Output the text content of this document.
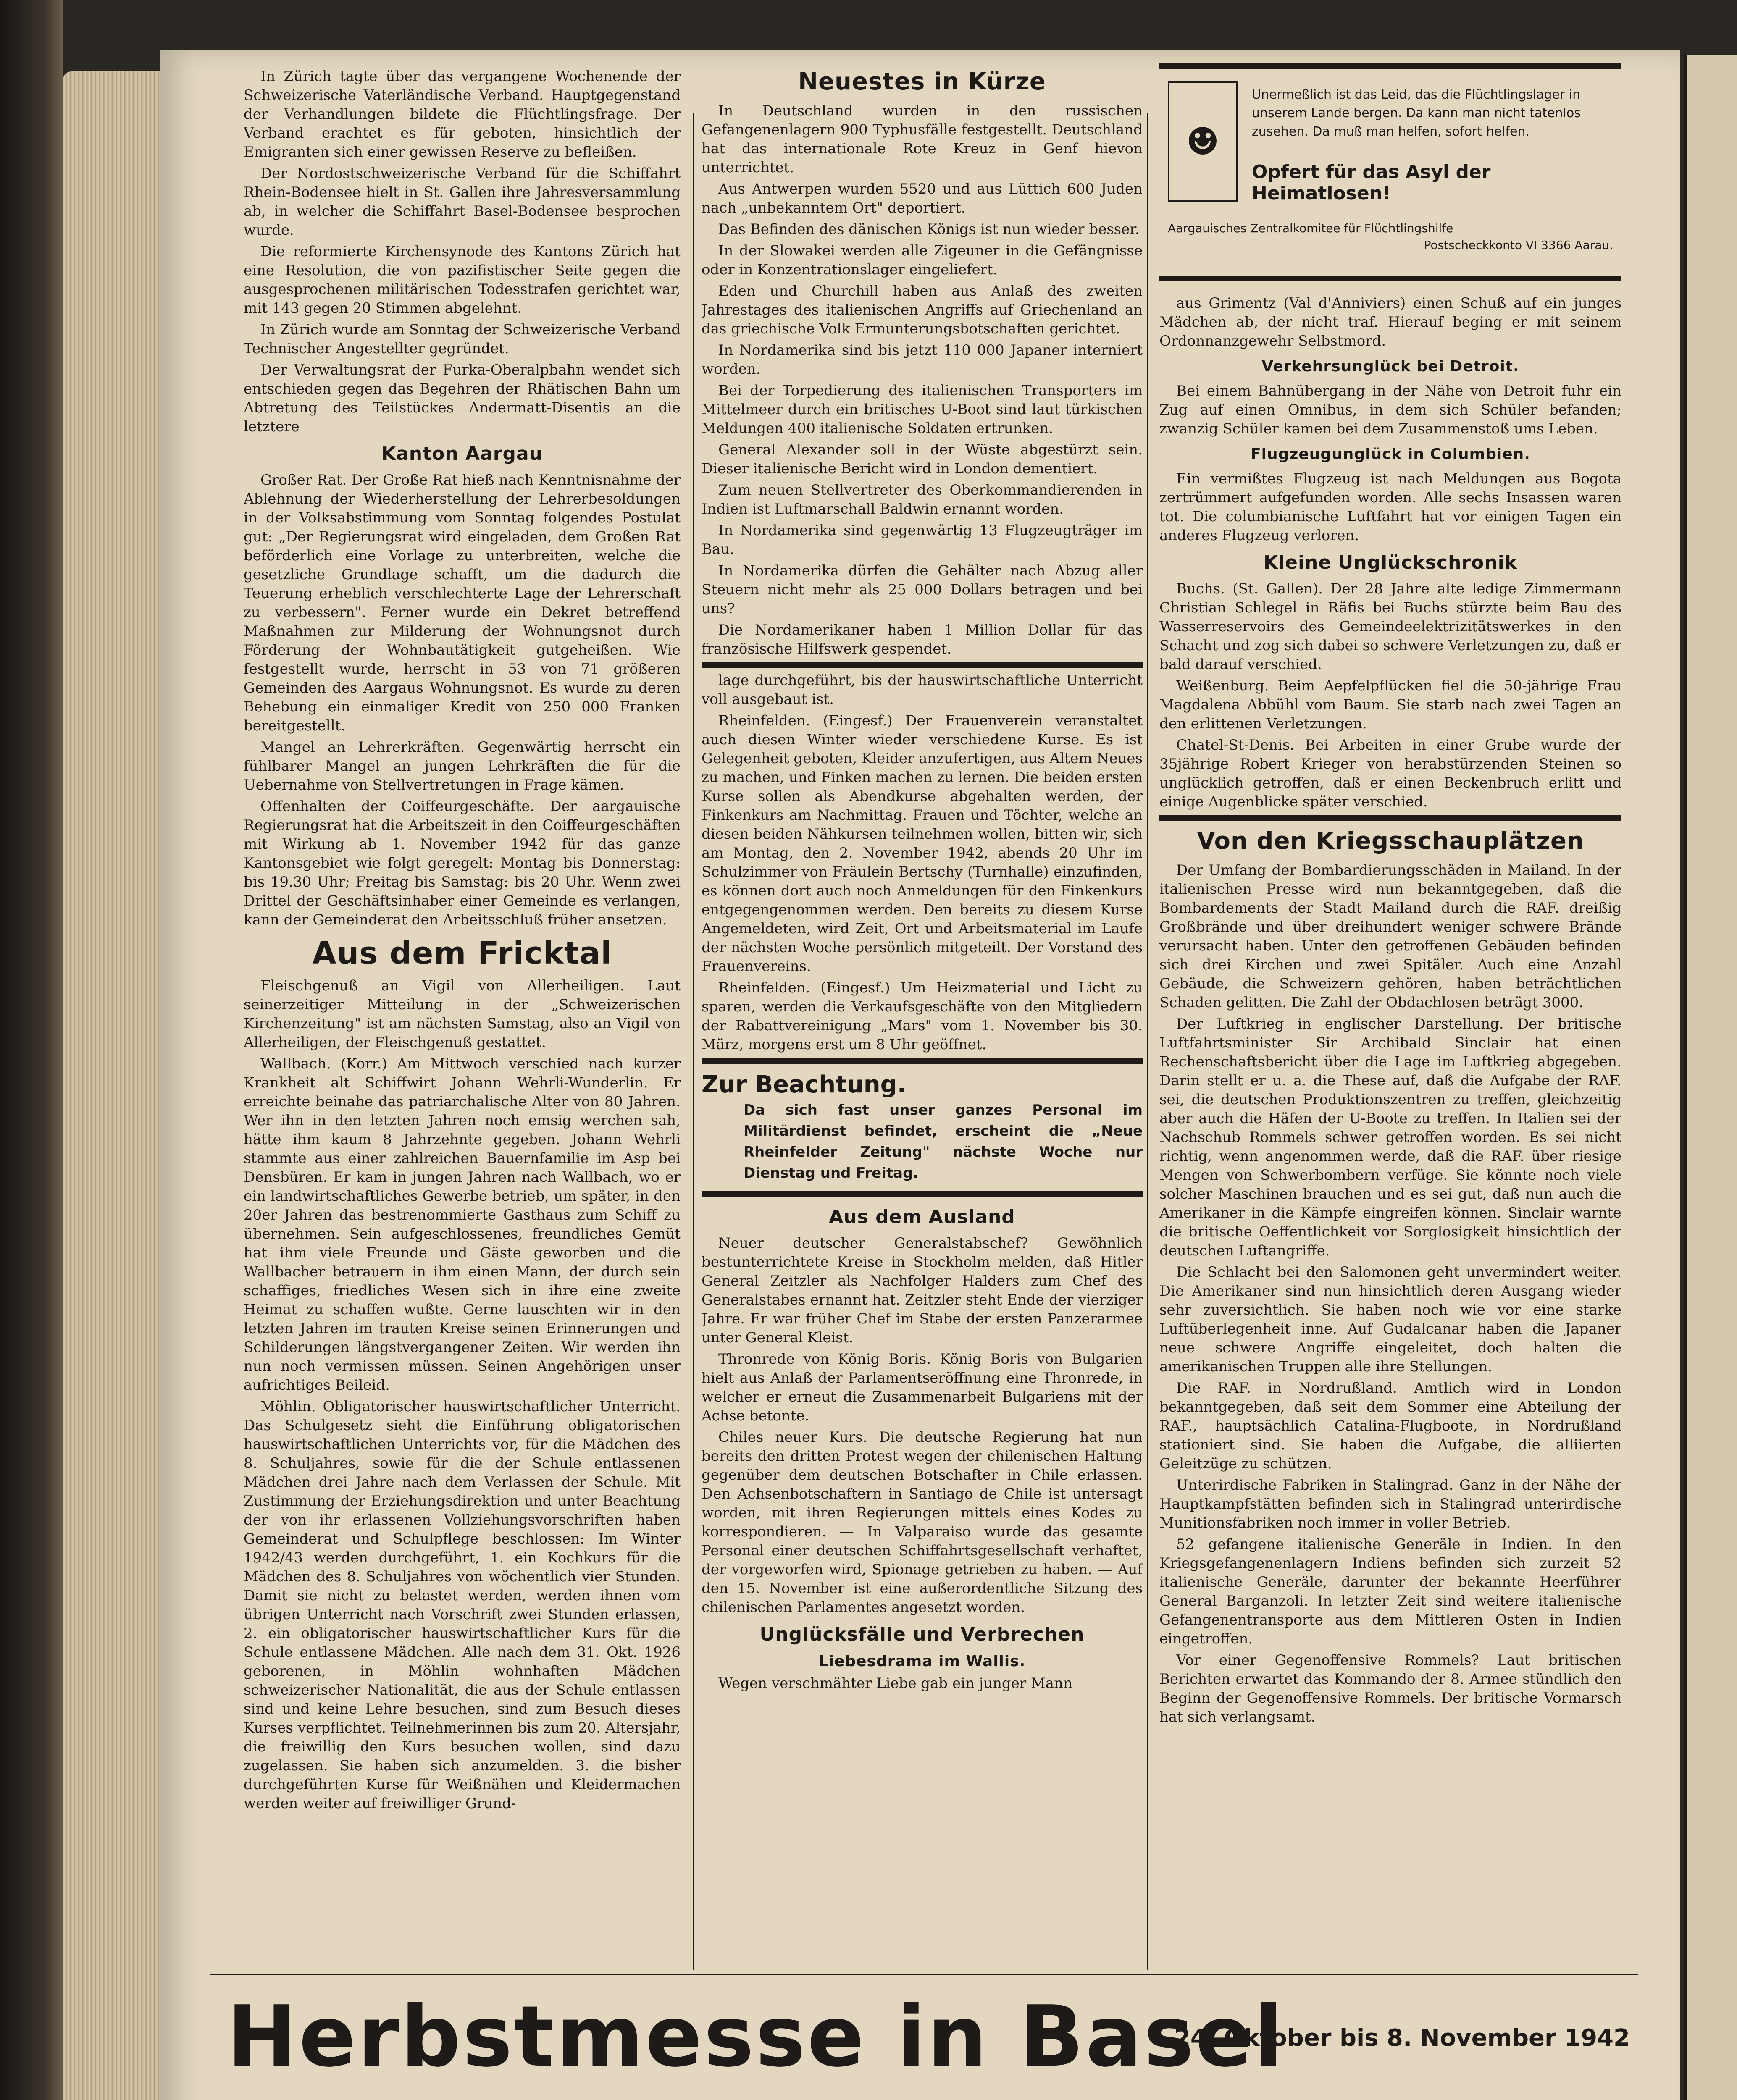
In Zürich tagte über das vergangene Wochenende der Schweizerische Vaterländische Verband. Hauptgegenstand der Verhandlungen bildete die Flüchtlingsfrage. Der Verband erachtet es für geboten, hinsichtlich der Emigranten sich einer gewissen Reserve zu befleißen.

Der Nordostschweizerische Verband für die Schiffahrt Rhein-Bodensee hielt in St. Gallen ihre Jahresversammlung ab, in welcher die Schiffahrt Basel-Bodensee besprochen wurde.

Die reformierte Kirchensynode des Kantons Zürich hat eine Resolution, die von pazifistischer Seite gegen die ausgesprochenen militärischen Todesstrafen gerichtet war, mit 143 gegen 20 Stimmen abgelehnt.

In Zürich wurde am Sonntag der Schweizerische Verband Technischer Angestellter gegründet.

Der Verwaltungsrat der Furka-Oberalpbahn wendet sich entschieden gegen das Begehren der Rhätischen Bahn um Abtretung des Teilstückes Andermatt-Disentis an die letztere

Kanton Aargau

Großer Rat. Der Große Rat hieß nach Kenntnisnahme der Ablehnung der Wiederherstellung der Lehrerbesoldungen in der Volksabstimmung vom Sonntag folgendes Postulat gut: „Der Regierungsrat wird eingeladen, dem Großen Rat beförderlich eine Vorlage zu unterbreiten, welche die gesetzliche Grundlage schafft, um die dadurch die Teuerung erheblich verschlechterte Lage der Lehrerschaft zu verbessern". Ferner wurde ein Dekret betreffend Maßnahmen zur Milderung der Wohnungsnot durch Förderung der Wohnbautätigkeit gutgeheißen. Wie festgestellt wurde, herrscht in 53 von 71 größeren Gemeinden des Aargaus Wohnungsnot. Es wurde zu deren Behebung ein einmaliger Kredit von 250 000 Franken bereitgestellt.

Mangel an Lehrerkräften. Gegenwärtig herrscht ein fühlbarer Mangel an jungen Lehrkräften die für die Uebernahme von Stellvertretungen in Frage kämen.

Offenhalten der Coiffeurgeschäfte. Der aargauische Regierungsrat hat die Arbeitszeit in den Coiffeurgeschäften mit Wirkung ab 1. November 1942 für das ganze Kantonsgebiet wie folgt geregelt: Montag bis Donnerstag: bis 19.30 Uhr; Freitag bis Samstag: bis 20 Uhr. Wenn zwei Drittel der Geschäftsinhaber einer Gemeinde es verlangen, kann der Gemeinderat den Arbeitsschluß früher ansetzen.

Aus dem Fricktal

Fleischgenuß an Vigil von Allerheiligen. Laut seinerzeitiger Mitteilung in der „Schweizerischen Kirchenzeitung" ist am nächsten Samstag, also an Vigil von Allerheiligen, der Fleischgenuß gestattet.

Wallbach. (Korr.) Am Mittwoch verschied nach kurzer Krankheit alt Schiffwirt Johann Wehrli-Wunderlin. Er erreichte beinahe das patriarchalische Alter von 80 Jahren. Wer ihn in den letzten Jahren noch emsig werchen sah, hätte ihm kaum 8 Jahrzehnte gegeben. Johann Wehrli stammte aus einer zahlreichen Bauernfamilie im Asp bei Densbüren. Er kam in jungen Jahren nach Wallbach, wo er ein landwirtschaftliches Gewerbe betrieb, um später, in den 20er Jahren das bestrenommierte Gasthaus zum Schiff zu übernehmen. Sein aufgeschlossenes, freundliches Gemüt hat ihm viele Freunde und Gäste geworben und die Wallbacher betrauern in ihm einen Mann, der durch sein schaffiges, friedliches Wesen sich in ihre eine zweite Heimat zu schaffen wußte. Gerne lauschten wir in den letzten Jahren im trauten Kreise seinen Erinnerungen und Schilderungen längstvergangener Zeiten. Wir werden ihn nun noch vermissen müssen. Seinen Angehörigen unser aufrichtiges Beileid.

Möhlin. Obligatorischer hauswirtschaftlicher Unterricht. Das Schulgesetz sieht die Einführung obligatorischen hauswirtschaftlichen Unterrichts vor, für die Mädchen des 8. Schuljahres, sowie für die der Schule entlassenen Mädchen drei Jahre nach dem Verlassen der Schule. Mit Zustimmung der Erziehungsdirektion und unter Beachtung der von ihr erlassenen Vollziehungsvorschriften haben Gemeinderat und Schulpflege beschlossen: Im Winter 1942/43 werden durchgeführt, 1. ein Kochkurs für die Mädchen des 8. Schuljahres von wöchentlich vier Stunden. Damit sie nicht zu belastet werden, werden ihnen vom übrigen Unterricht nach Vorschrift zwei Stunden erlassen, 2. ein obligatorischer hauswirtschaftlicher Kurs für die Schule entlassene Mädchen. Alle nach dem 31. Okt. 1926 geborenen, in Möhlin wohnhaften Mädchen schweizerischer Nationalität, die aus der Schule entlassen sind und keine Lehre besuchen, sind zum Besuch dieses Kurses verpflichtet. Teilnehmerinnen bis zum 20. Altersjahr, die freiwillig den Kurs besuchen wollen, sind dazu zugelassen. Sie haben sich anzumelden. 3. die bisher durchgeführten Kurse für Weißnähen und Kleidermachen werden weiter auf freiwilliger Grund-

Neuestes in Kürze

In Deutschland wurden in den russischen Gefangenenlagern 900 Typhusfälle festgestellt. Deutschland hat das internationale Rote Kreuz in Genf hievon unterrichtet.

Aus Antwerpen wurden 5520 und aus Lüttich 600 Juden nach „unbekanntem Ort" deportiert.

Das Befinden des dänischen Königs ist nun wieder besser.

In der Slowakei werden alle Zigeuner in die Gefängnisse oder in Konzentrationslager eingeliefert.

Eden und Churchill haben aus Anlaß des zweiten Jahrestages des italienischen Angriffs auf Griechenland an das griechische Volk Ermunterungsbotschaften gerichtet.

In Nordamerika sind bis jetzt 110 000 Japaner interniert worden.

Bei der Torpedierung des italienischen Transporters im Mittelmeer durch ein britisches U-Boot sind laut türkischen Meldungen 400 italienische Soldaten ertrunken.

General Alexander soll in der Wüste abgestürzt sein. Dieser italienische Bericht wird in London dementiert.

Zum neuen Stellvertreter des Oberkommandierenden in Indien ist Luftmarschall Baldwin ernannt worden.

In Nordamerika sind gegenwärtig 13 Flugzeugträger im Bau.

In Nordamerika dürfen die Gehälter nach Abzug aller Steuern nicht mehr als 25 000 Dollars betragen und bei uns?

Die Nordamerikaner haben 1 Million Dollar für das französische Hilfswerk gespendet.

lage durchgeführt, bis der hauswirtschaftliche Unterricht voll ausgebaut ist.

Rheinfelden. (Eingesf.) Der Frauenverein veranstaltet auch diesen Winter wieder verschiedene Kurse. Es ist Gelegenheit geboten, Kleider anzufertigen, aus Altem Neues zu machen, und Finken machen zu lernen. Die beiden ersten Kurse sollen als Abendkurse abgehalten werden, der Finkenkurs am Nachmittag. Frauen und Töchter, welche an diesen beiden Nähkursen teilnehmen wollen, bitten wir, sich am Montag, den 2. November 1942, abends 20 Uhr im Schulzimmer von Fräulein Bertschy (Turnhalle) einzufinden, es können dort auch noch Anmeldungen für den Finkenkurs entgegengenommen werden. Den bereits zu diesem Kurse Angemeldeten, wird Zeit, Ort und Arbeitsmaterial im Laufe der nächsten Woche persönlich mitgeteilt. Der Vorstand des Frauenvereins.

Rheinfelden. (Eingesf.) Um Heizmaterial und Licht zu sparen, werden die Verkaufsgeschäfte von den Mitgliedern der Rabattvereinigung „Mars" vom 1. November bis 30. März, morgens erst um 8 Uhr geöffnet.

Zur Beachtung.
Da sich fast unser ganzes Personal im Militärdienst befindet, erscheint die „Neue Rheinfelder Zeitung" nächste Woche nur Dienstag und Freitag.
Aus dem Ausland

Neuer deutscher Generalstabschef? Gewöhnlich bestunterrichtete Kreise in Stockholm melden, daß Hitler General Zeitzler als Nachfolger Halders zum Chef des Generalstabes ernannt hat. Zeitzler steht Ende der vierziger Jahre. Er war früher Chef im Stabe der ersten Panzerarmee unter General Kleist.

Thronrede von König Boris. König Boris von Bulgarien hielt aus Anlaß der Parlamentseröffnung eine Thronrede, in welcher er erneut die Zusammenarbeit Bulgariens mit der Achse betonte.

Chiles neuer Kurs. Die deutsche Regierung hat nun bereits den dritten Protest wegen der chilenischen Haltung gegenüber dem deutschen Botschafter in Chile erlassen. Den Achsenbotschaftern in Santiago de Chile ist untersagt worden, mit ihren Regierungen mittels eines Kodes zu korrespondieren. — In Valparaiso wurde das gesamte Personal einer deutschen Schiffahrtsgesellschaft verhaftet, der vorgeworfen wird, Spionage getrieben zu haben. — Auf den 15. November ist eine außerordentliche Sitzung des chilenischen Parlamentes angesetzt worden.

Unglücksfälle und Verbrechen
Liebesdrama im Wallis.

Wegen verschmähter Liebe gab ein junger Mann

☻
Unermeßlich ist das Leid, das die Flüchtlingslager in unserem Lande bergen. Da kann man nicht tatenlos zusehen. Da muß man helfen, sofort helfen.
Opfert für das Asyl der Heimatlosen!
Aargauisches Zentralkomitee für Flüchtlingshilfe
Postscheckkonto VI 3366 Aarau.

aus Grimentz (Val d'Anniviers) einen Schuß auf ein junges Mädchen ab, der nicht traf. Hierauf beging er mit seinem Ordonnanzgewehr Selbstmord.

Verkehrsunglück bei Detroit.

Bei einem Bahnübergang in der Nähe von Detroit fuhr ein Zug auf einen Omnibus, in dem sich Schüler befanden; zwanzig Schüler kamen bei dem Zusammenstoß ums Leben.

Flugzeugunglück in Columbien.

Ein vermißtes Flugzeug ist nach Meldungen aus Bogota zertrümmert aufgefunden worden. Alle sechs Insassen waren tot. Die columbianische Luftfahrt hat vor einigen Tagen ein anderes Flugzeug verloren.

Kleine Unglückschronik

Buchs. (St. Gallen). Der 28 Jahre alte ledige Zimmermann Christian Schlegel in Räfis bei Buchs stürzte beim Bau des Wasserreservoirs des Gemeindeelektrizitätswerkes in den Schacht und zog sich dabei so schwere Verletzungen zu, daß er bald darauf verschied.

Weißenburg. Beim Aepfelpflücken fiel die 50-jährige Frau Magdalena Abbühl vom Baum. Sie starb nach zwei Tagen an den erlittenen Verletzungen.

Chatel-St-Denis. Bei Arbeiten in einer Grube wurde der 35jährige Robert Krieger von herabstürzenden Steinen so unglücklich getroffen, daß er einen Beckenbruch erlitt und einige Augenblicke später verschied.

Von den Kriegsschauplätzen

Der Umfang der Bombardierungsschäden in Mailand. In der italienischen Presse wird nun bekanntgegeben, daß die Bombardements der Stadt Mailand durch die RAF. dreißig Großbrände und über dreihundert weniger schwere Brände verursacht haben. Unter den getroffenen Gebäuden befinden sich drei Kirchen und zwei Spitäler. Auch eine Anzahl Gebäude, die Schweizern gehören, haben beträchtlichen Schaden gelitten. Die Zahl der Obdachlosen beträgt 3000.

Der Luftkrieg in englischer Darstellung. Der britische Luftfahrtsminister Sir Archibald Sinclair hat einen Rechenschaftsbericht über die Lage im Luftkrieg abgegeben. Darin stellt er u. a. die These auf, daß die Aufgabe der RAF. sei, die deutschen Produktionszentren zu treffen, gleichzeitig aber auch die Häfen der U-Boote zu treffen. In Italien sei der Nachschub Rommels schwer getroffen worden. Es sei nicht richtig, wenn angenommen werde, daß die RAF. über riesige Mengen von Schwerbombern verfüge. Sie könnte noch viele solcher Maschinen brauchen und es sei gut, daß nun auch die Amerikaner in die Kämpfe eingreifen können. Sinclair warnte die britische Oeffentlichkeit vor Sorglosigkeit hinsichtlich der deutschen Luftangriffe.

Die Schlacht bei den Salomonen geht unvermindert weiter. Die Amerikaner sind nun hinsichtlich deren Ausgang wieder sehr zuversichtlich. Sie haben noch wie vor eine starke Luftüberlegenheit inne. Auf Gudalcanar haben die Japaner neue schwere Angriffe eingeleitet, doch halten die amerikanischen Truppen alle ihre Stellungen.

Die RAF. in Nordrußland. Amtlich wird in London bekanntgegeben, daß seit dem Sommer eine Abteilung der RAF., hauptsächlich Catalina-Flugboote, in Nordrußland stationiert sind. Sie haben die Aufgabe, die alliierten Geleitzüge zu schützen.

Unterirdische Fabriken in Stalingrad. Ganz in der Nähe der Hauptkampfstätten befinden sich in Stalingrad unterirdische Munitionsfabriken noch immer in voller Betrieb.

52 gefangene italienische Generäle in Indien. In den Kriegsgefangenenlagern Indiens befinden sich zurzeit 52 italienische Generäle, darunter der bekannte Heerführer General Barganzoli. In letzter Zeit sind weitere italienische Gefangenentransporte aus dem Mittleren Osten in Indien eingetroffen.

Vor einer Gegenoffensive Rommels? Laut britischen Berichten erwartet das Kommando der 8. Armee stündlich den Beginn der Gegenoffensive Rommels. Der britische Vormarsch hat sich verlangsamt.

Herbstmesse in Basel
24. Oktober bis 8. November 1942
